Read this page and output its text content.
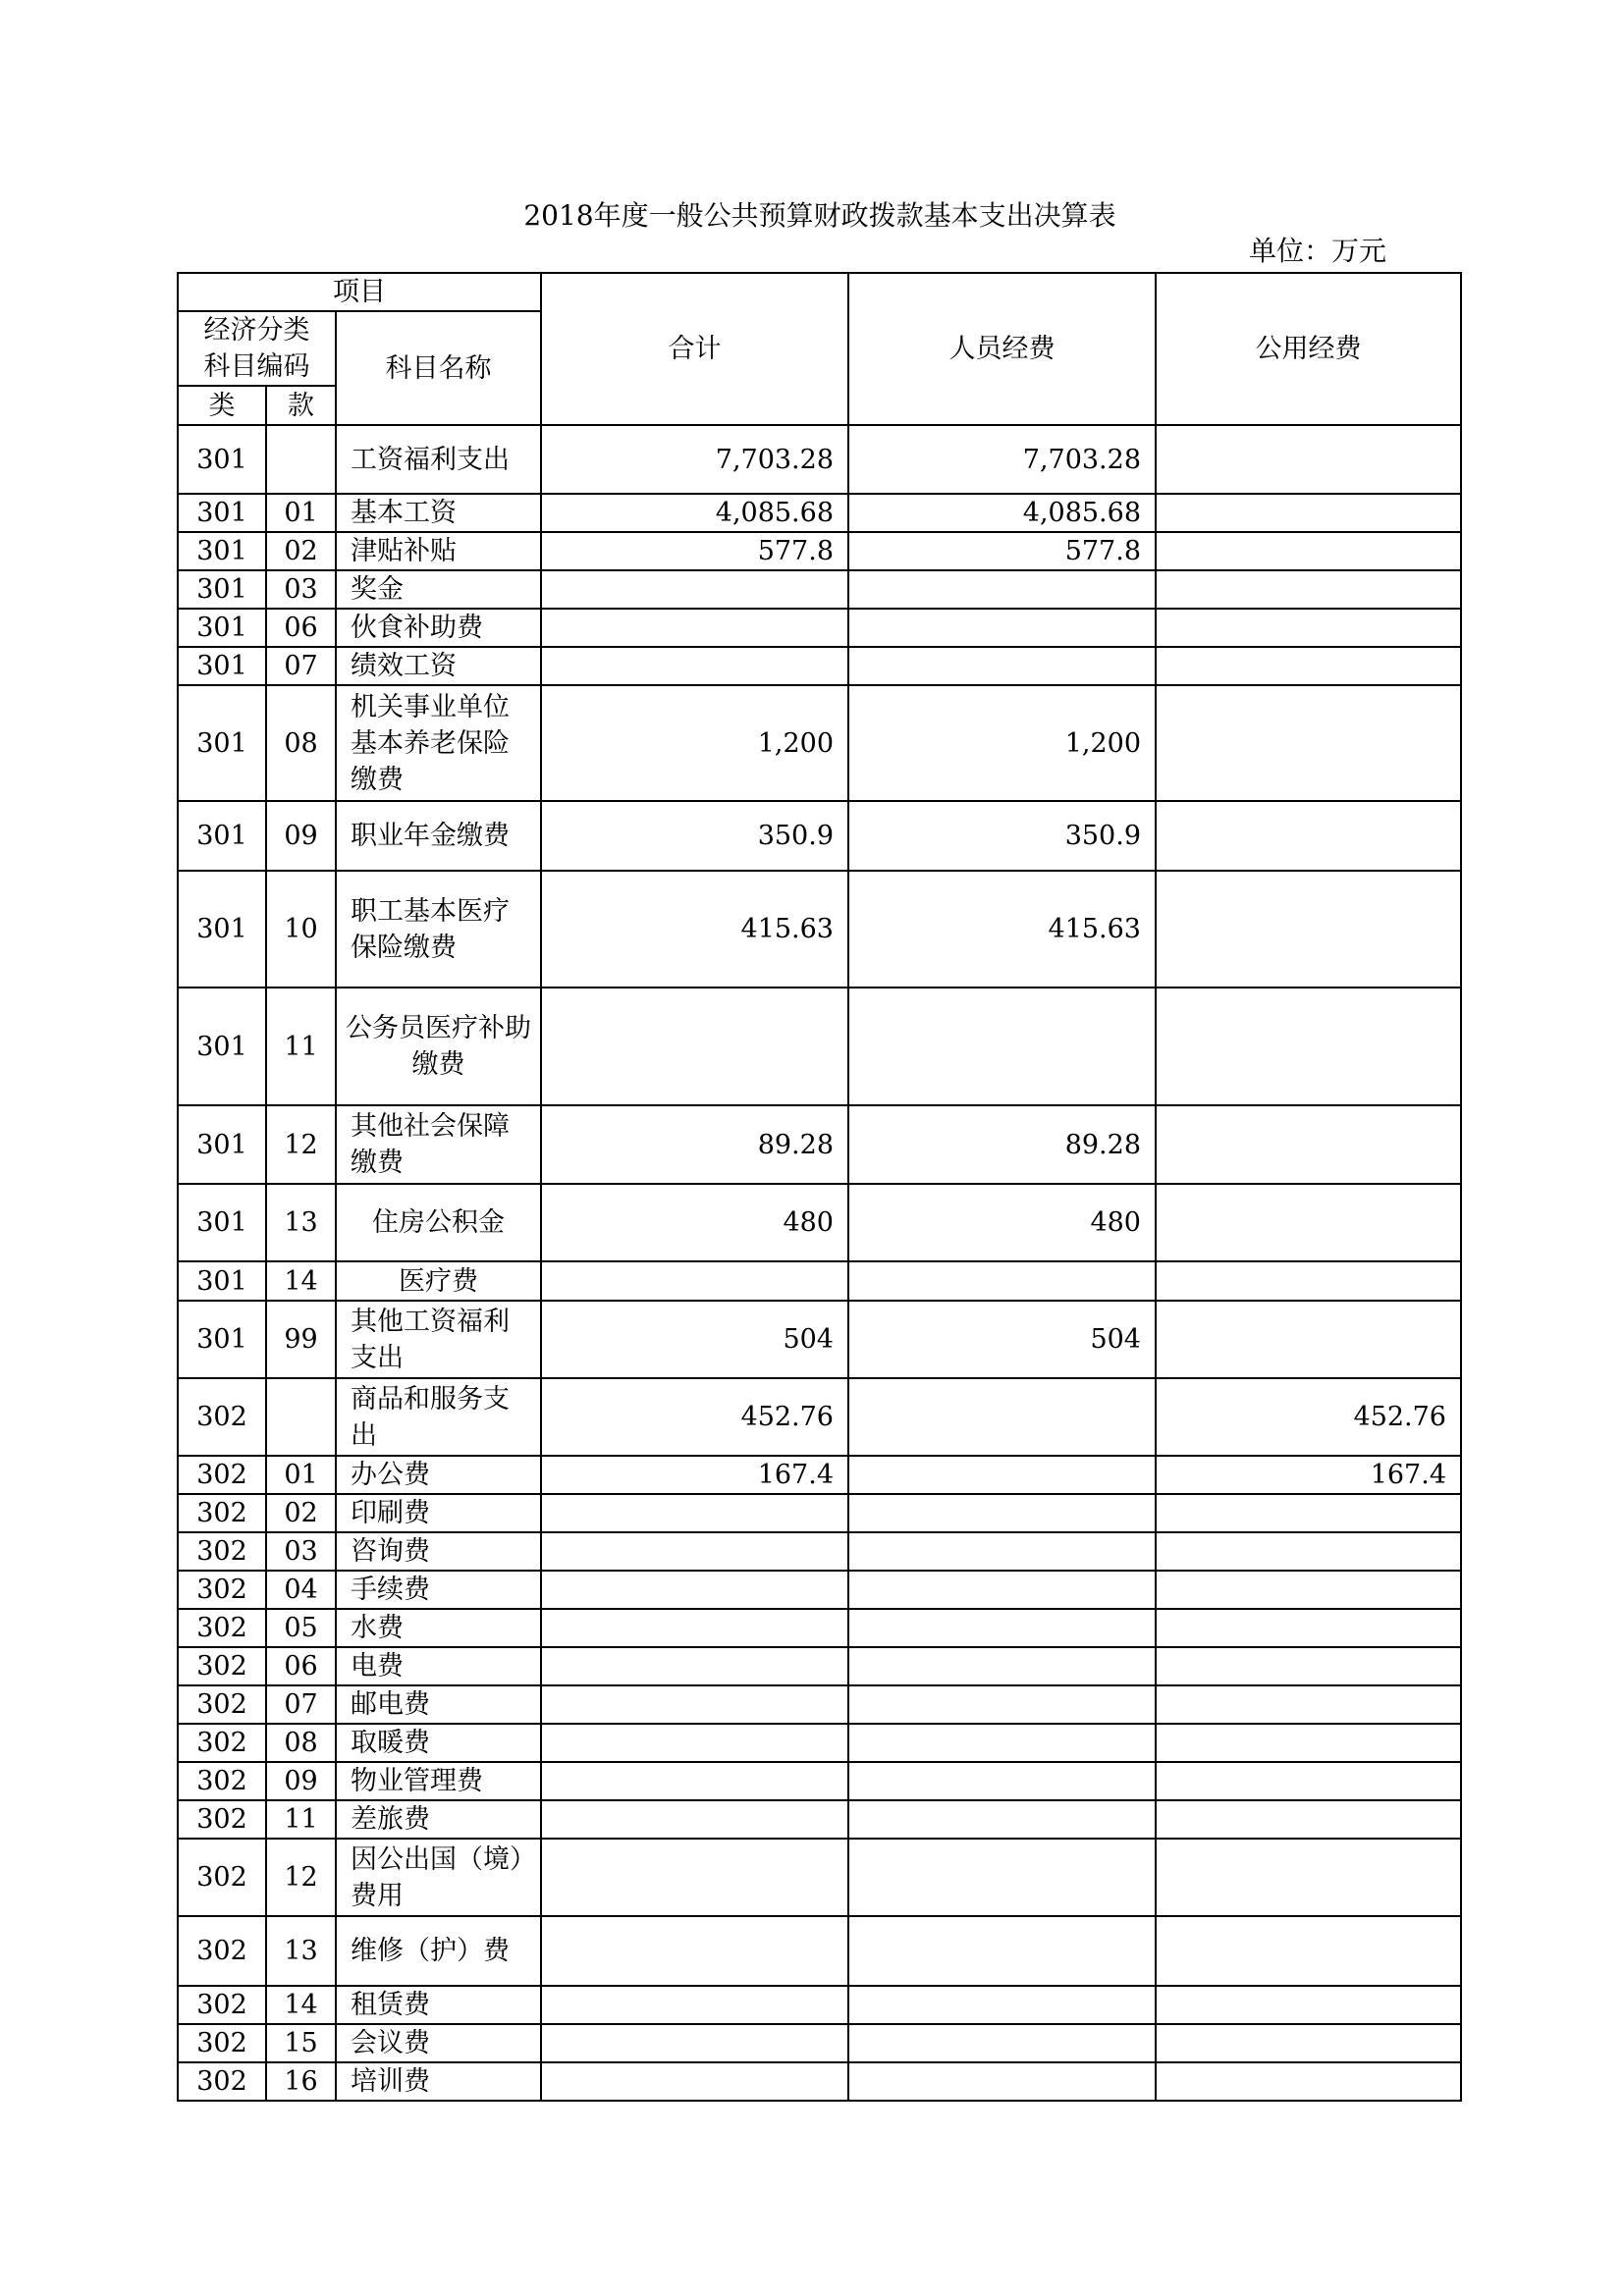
2018年度一般公共预算财政拨款基本支出决算表
单位：万元
项目			合计	人员经费	公用经费
经济分类		科目名称			
科目编码					
类	款				
301		工资福利支出	7,703.28	7,703.28	
301	01	基本工资	4,085.68	4,085.68	
301	02	津贴补贴	577.8	577.8	
301	03	奖金			
301	06	伙食补助费			
301	07	绩效工资			
301	08	机关事业单位基本养老保险缴费	1,200	1,200	
301	09	职业年金缴费	350.9	350.9	
301	10	职工基本医疗保险缴费	415.63	415.63	
301	11	公务员医疗补助缴费			
301	12	其他社会保障缴费	89.28	89.28	
301	13	住房公积金	480	480	
301	14	医疗费			
301	99	其他工资福利支出	504	504	
302		商品和服务支出	452.76		452.76
302	01	办公费	167.4		167.4
302	02	印刷费			
302	03	咨询费			
302	04	手续费			
302	05	水费			
302	06	电费			
302	07	邮电费			
302	08	取暖费			
302	09	物业管理费			
302	11	差旅费			
302	12	因公出国（境）费用			
302	13	维修（护）费			
302	14	租赁费			
302	15	会议费			
302	16	培训费			
